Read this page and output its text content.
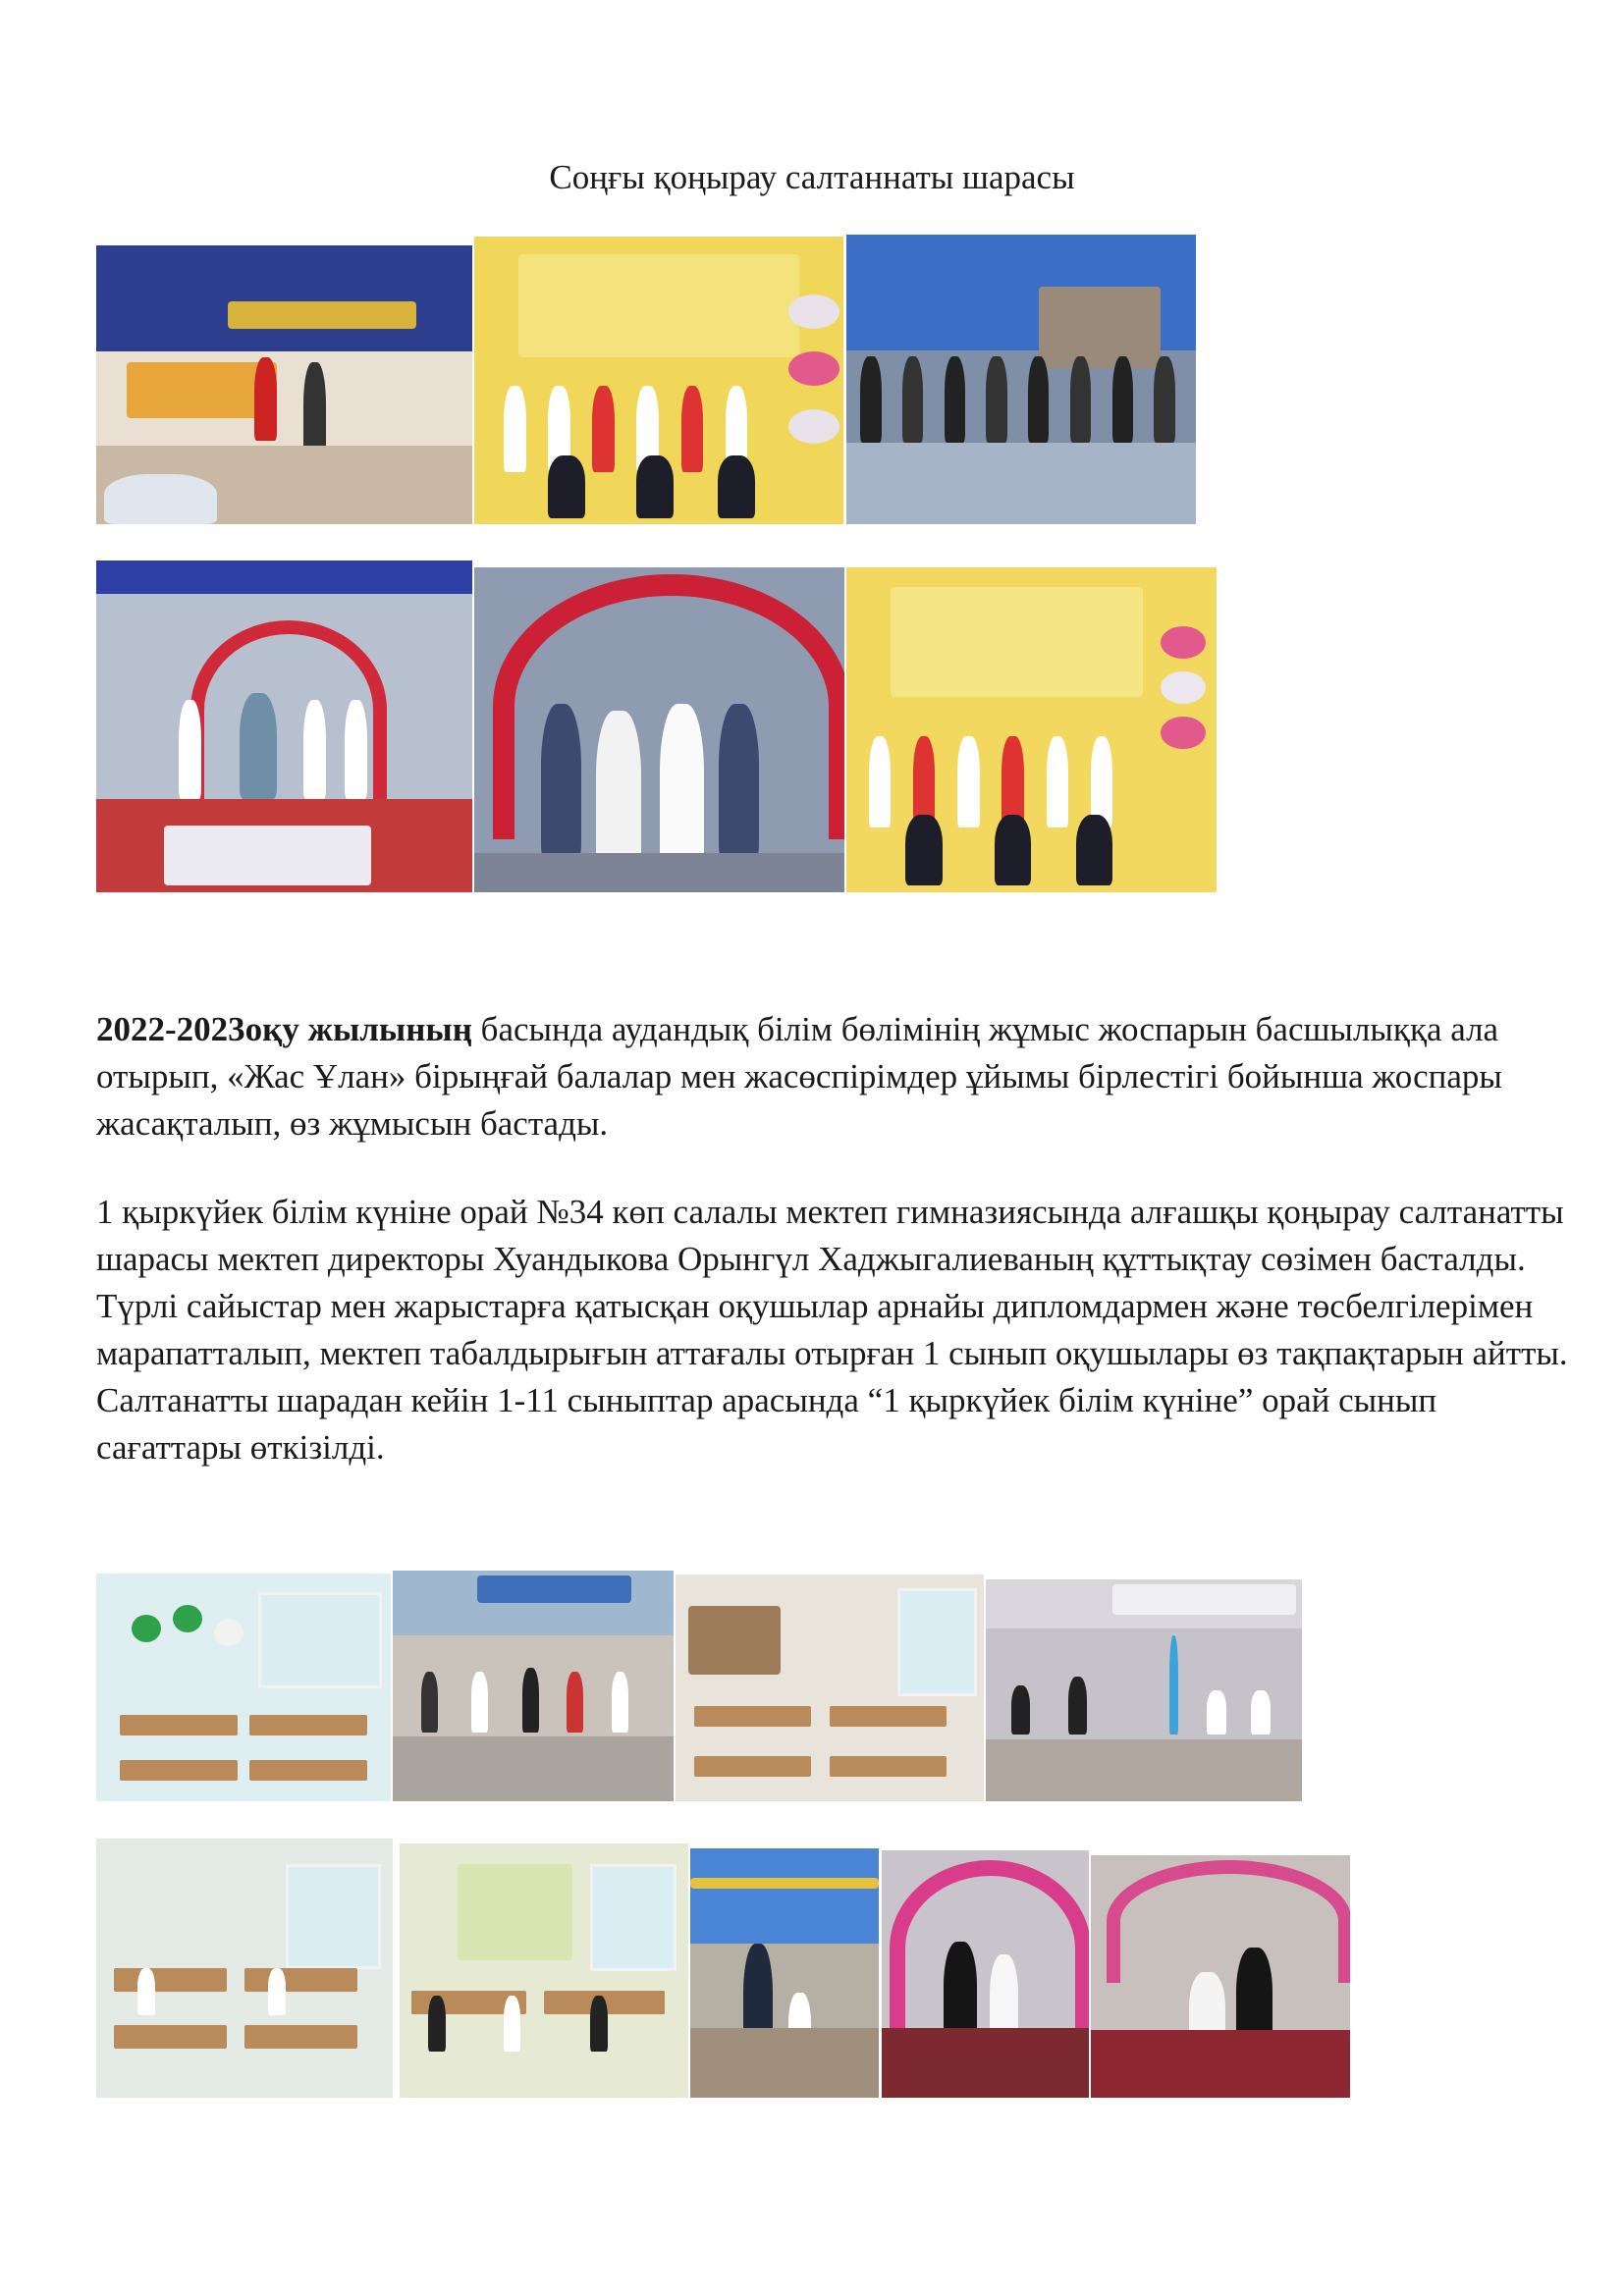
Соңғы қоңырау салтаннаты шарасы
2022-2023оқу жылының басында аудандық білім бөлімінің жұмыс жоспарын басшылыққа ала отырып, «Жас Ұлан» бірыңғай балалар мен жасөспірімдер ұйымы бірлестігі бойынша жоспары жасақталып, өз жұмысын бастады.
1 қыркүйек білім күніне орай №34 көп салалы мектеп гимназиясында алғашқы қоңырау салтанатты шарасы мектеп директоры Хуандыкова Орынгүл Хаджыгалиеваның құттықтау сөзімен басталды. Түрлі сайыстар мен жарыстарға қатысқан оқушылар арнайы дипломдармен және төсбелгілерімен марапатталып, мектеп табалдырығын аттағалы отырған 1 сынып оқушылары өз тақпақтарын айтты. Салтанатты шарадан кейін 1-11 сыныптар арасында “1 қыркүйек білім күніне” орай сынып сағаттары өткізілді.
